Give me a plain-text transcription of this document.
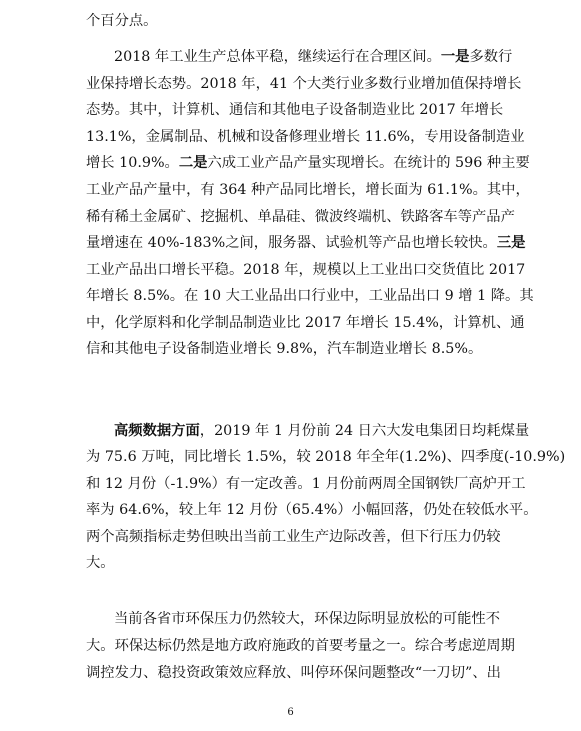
个百分点。
2018 年工业生产总体平稳，继续运行在合理区间。一是多数行
业保持增长态势。2018 年，41 个大类行业多数行业增加值保持增长
态势。其中，计算机、通信和其他电子设备制造业比 2017 年增长
13.1%，金属制品、机械和设备修理业增长 11.6%，专用设备制造业
增长 10.9%。二是六成工业产品产量实现增长。在统计的 596 种主要
工业产品产量中，有 364 种产品同比增长，增长面为 61.1%。其中，
稀有稀土金属矿、挖掘机、单晶硅、微波终端机、铁路客车等产品产
量增速在 40%-183%之间，服务器、试验机等产品也增长较快。三是
工业产品出口增长平稳。2018 年，规模以上工业出口交货值比 2017
年增长 8.5%。在 10 大工业品出口行业中，工业品出口 9 增 1 降。其
中，化学原料和化学制品制造业比 2017 年增长 15.4%，计算机、通
信和其他电子设备制造业增长 9.8%，汽车制造业增长 8.5%。
高频数据方面，2019 年 1 月份前 24 日六大发电集团日均耗煤量
为 75.6 万吨，同比增长 1.5%，较 2018 年全年(1.2%)、四季度(-10.9%)
和 12 月份（-1.9%）有一定改善。1 月份前两周全国钢铁厂高炉开工
率为 64.6%，较上年 12 月份（65.4%）小幅回落，仍处在较低水平。
两个高频指标走势但映出当前工业生产边际改善，但下行压力仍较
大。
当前各省市环保压力仍然较大，环保边际明显放松的可能性不
大。环保达标仍然是地方政府施政的首要考量之一。综合考虑逆周期
调控发力、稳投资政策效应释放、叫停环保问题整改“一刀切”、出
6
